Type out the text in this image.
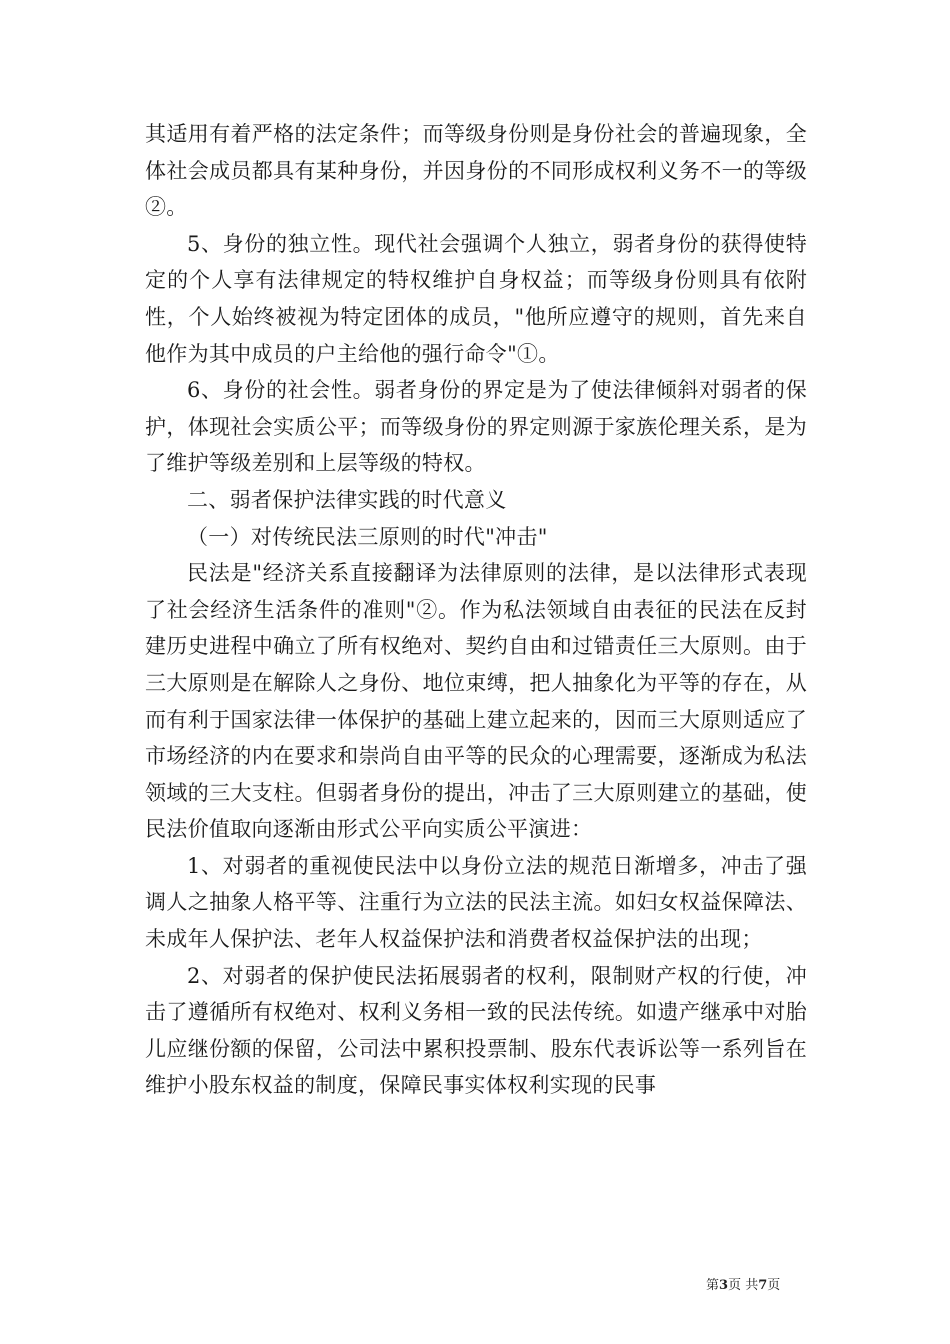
其适用有着严格的法定条件；而等级身份则是身份社会的普遍现象，全体社会成员都具有某种身份，并因身份的不同形成权利义务不一的等级②。

5、身份的独立性。现代社会强调个人独立，弱者身份的获得使特定的个人享有法律规定的特权维护自身权益；而等级身份则具有依附性，个人始终被视为特定团体的成员，"他所应遵守的规则，首先来自他作为其中成员的户主给他的强行命令"①。

6、身份的社会性。弱者身份的界定是为了使法律倾斜对弱者的保护，体现社会实质公平；而等级身份的界定则源于家族伦理关系，是为了维护等级差别和上层等级的特权。

二、弱者保护法律实践的时代意义

（一）对传统民法三原则的时代"冲击"

民法是"经济关系直接翻译为法律原则的法律，是以法律形式表现了社会经济生活条件的准则"②。作为私法领域自由表征的民法在反封建历史进程中确立了所有权绝对、契约自由和过错责任三大原则。由于三大原则是在解除人之身份、地位束缚，把人抽象化为平等的存在，从而有利于国家法律一体保护的基础上建立起来的，因而三大原则适应了市场经济的内在要求和崇尚自由平等的民众的心理需要，逐渐成为私法领域的三大支柱。但弱者身份的提出，冲击了三大原则建立的基础，使民法价值取向逐渐由形式公平向实质公平演进：

1、对弱者的重视使民法中以身份立法的规范日渐增多，冲击了强调人之抽象人格平等、注重行为立法的民法主流。如妇女权益保障法、未成年人保护法、老年人权益保护法和消费者权益保护法的出现；

2、对弱者的保护使民法拓展弱者的权利，限制财产权的行使，冲击了遵循所有权绝对、权利义务相一致的民法传统。如遗产继承中对胎儿应继份额的保留，公司法中累积投票制、股东代表诉讼等一系列旨在维护小股东权益的制度，保障民事实体权利实现的民事

第3页 共7页
